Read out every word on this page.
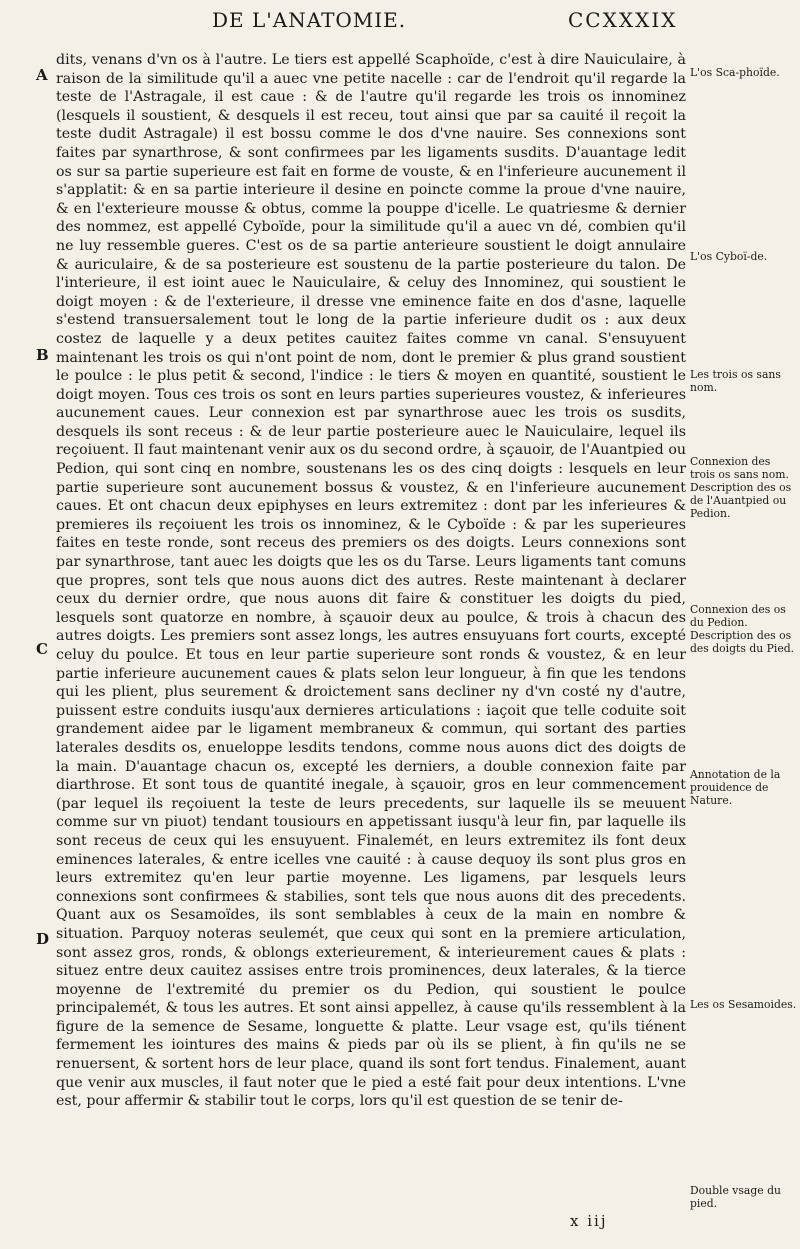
DE L'ANATOMIE.	CCXXXIX
A
B
C
D

dits, venans d'vn os à l'autre. Le tiers est appellé Scaphoïde, c'est à dire Nauiculaire, à raison de la similitude qu'il a auec vne petite nacelle : car de l'endroit qu'il regarde la teste de l'Astragale, il est caue : & de l'autre qu'il regarde les trois os innominez (lesquels il soustient, & desquels il est receu, tout ainsi que par sa cauité il reçoit la teste dudit Astragale) il est bossu comme le dos d'vne nauire. Ses connexions sont faites par synarthrose, & sont confirmees par les ligaments susdits. D'auantage ledit os sur sa partie superieure est fait en forme de vouste, & en l'inferieure aucunement il s'applatit: & en sa partie interieure il desine en poincte comme la proue d'vne nauire, & en l'exterieure mousse & obtus, comme la pouppe d'icelle. Le quatriesme & dernier des nommez, est appellé Cyboïde, pour la similitude qu'il a auec vn dé, combien qu'il ne luy ressemble gueres. C'est os de sa partie anterieure soustient le doigt annulaire & auriculaire, & de sa posterieure est soustenu de la partie posterieure du talon. De l'interieure, il est ioint auec le Nauiculaire, & celuy des Innominez, qui soustient le doigt moyen : & de l'exterieure, il dresse vne eminence faite en dos d'asne, laquelle s'estend transuersalement tout le long de la partie inferieure dudit os : aux deux costez de laquelle y a deux petites cauitez faites comme vn canal. S'ensuyuent maintenant les trois os qui n'ont point de nom, dont le premier & plus grand soustient le poulce : le plus petit & second, l'indice : le tiers & moyen en quantité, soustient le doigt moyen. Tous ces trois os sont en leurs parties superieures voustez, & inferieures aucunement caues. Leur connexion est par synarthrose auec les trois os susdits, desquels ils sont receus : & de leur partie posterieure auec le Nauiculaire, lequel ils reçoiuent. Il faut maintenant venir aux os du second ordre, à sçauoir, de l'Auantpied ou Pedion, qui sont cinq en nombre, soustenans les os des cinq doigts : lesquels en leur partie superieure sont aucunement bossus & voustez, & en l'inferieure aucunement caues. Et ont chacun deux epiphyses en leurs extremitez : dont par les inferieures & premieres ils reçoiuent les trois os innominez, & le Cyboïde : & par les superieures faites en teste ronde, sont receus des premiers os des doigts. Leurs connexions sont par synarthrose, tant auec les doigts que les os du Tarse. Leurs ligaments tant comuns que propres, sont tels que nous auons dict des autres. Reste maintenant à declarer ceux du dernier ordre, que nous auons dit faire & constituer les doigts du pied, lesquels sont quatorze en nombre, à sçauoir deux au poulce, & trois à chacun des autres doigts. Les premiers sont assez longs, les autres ensuyuans fort courts, excepté celuy du poulce. Et tous en leur partie superieure sont ronds & voustez, & en leur partie inferieure aucunement caues & plats selon leur longueur, à fin que les tendons qui les plient, plus seurement & droictement sans decliner ny d'vn costé ny d'autre, puissent estre conduits iusqu'aux dernieres articulations : iaçoit que telle coduite soit grandement aidee par le ligament membraneux & commun, qui sortant des parties laterales desdits os, enueloppe lesdits tendons, comme nous auons dict des doigts de la main. D'auantage chacun os, excepté les derniers, a double connexion faite par diarthrose. Et sont tous de quantité inegale, à sçauoir, gros en leur commencement (par lequel ils reçoiuent la teste de leurs precedents, sur laquelle ils se meuuent comme sur vn piuot) tendant tousiours en appetissant iusqu'à leur fin, par laquelle ils sont receus de ceux qui les ensuyuent. Finalemét, en leurs extremitez ils font deux eminences laterales, & entre icelles vne cauité : à cause dequoy ils sont plus gros en leurs extremitez qu'en leur partie moyenne. Les ligamens, par lesquels leurs connexions sont confirmees & stabilies, sont tels que nous auons dit des precedents. Quant aux os Sesamoïdes, ils sont semblables à ceux de la main en nombre & situation. Parquoy noteras seulemét, que ceux qui sont en la premiere articulation, sont assez gros, ronds, & oblongs exterieurement, & interieurement caues & plats : situez entre deux cauitez assises entre trois prominences, deux laterales, & la tierce moyenne de l'extremité du premier os du Pedion, qui soustient le poulce principalemét, & tous les autres. Et sont ainsi appellez, à cause qu'ils ressemblent à la figure de la semence de Sesame, longuette & platte. Leur vsage est, qu'ils tiénent fermement les iointures des mains & pieds par où ils se plient, à fin qu'ils ne se renuersent, & sortent hors de leur place, quand ils sont fort tendus. Finalement, auant que venir aux muscles, il faut noter que le pied a esté fait pour deux intentions. L'vne est, pour affermir & stabilir tout le corps, lors qu'il est question de se tenir de-

L'os Sca-phoïde.
L'os Cyboï-de.
Les trois os sans nom.
Connexion des trois os sans nom. Description des os de l'Auantpied ou Pedion.
Connexion des os du Pedion. Description des os des doigts du Pied.
Annotation de la prouidence de Nature.
Les os Sesamoides.
Double vsage du pied.
x iij
